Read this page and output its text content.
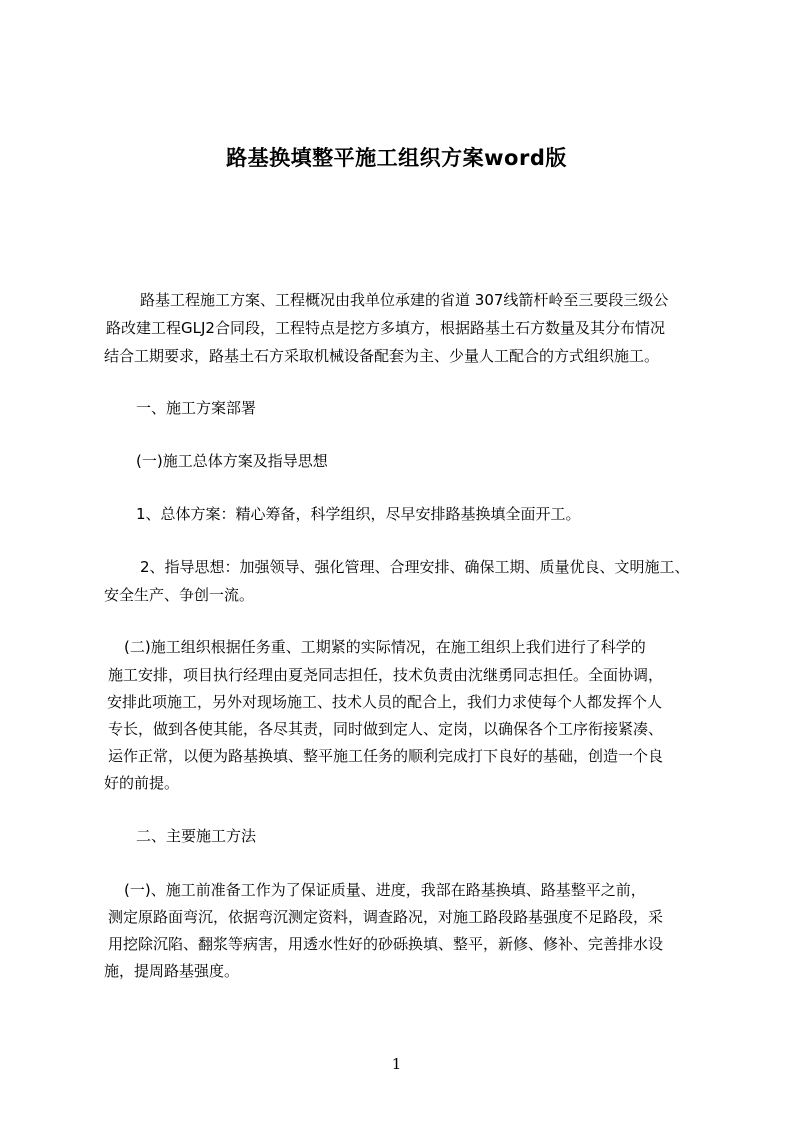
路基换填整平施工组织方案word版
路基工程施工方案、工程概况由我单位承建的省道 307线箭杆岭至三要段三级公
路改建工程GLJ2合同段，工程特点是挖方多填方，根据路基土石方数量及其分布情况
结合工期要求，路基土石方采取机械设备配套为主、少量人工配合的方式组织施工。
一、施工方案部署
(一)施工总体方案及指导思想
1、总体方案：精心筹备，科学组织，尽早安排路基换填全面开工。
2、指导思想：加强领导、强化管理、合理安排、确保工期、质量优良、文明施工、
安全生产、争创一流。
(二)施工组织根据任务重、工期紧的实际情况，在施工组织上我们进行了科学的
施工安排，项目执行经理由夏尧同志担任，技术负责由沈继勇同志担任。全面协调，
安排此项施工，另外对现场施工、技术人员的配合上，我们力求使每个人都发挥个人
专长，做到各使其能，各尽其责，同时做到定人、定岗，以确保各个工序衔接紧凑、
运作正常，以便为路基换填、整平施工任务的顺利完成打下良好的基础，创造一个良
好的前提。
二、主要施工方法
(一)、施工前准备工作为了保证质量、进度，我部在路基换填、路基整平之前，
测定原路面弯沉，依据弯沉测定资料，调查路况，对施工路段路基强度不足路段，采
用挖除沉陷、翻浆等病害，用透水性好的砂砾换填、整平，新修、修补、完善排水设
施，提周路基强度。
1
